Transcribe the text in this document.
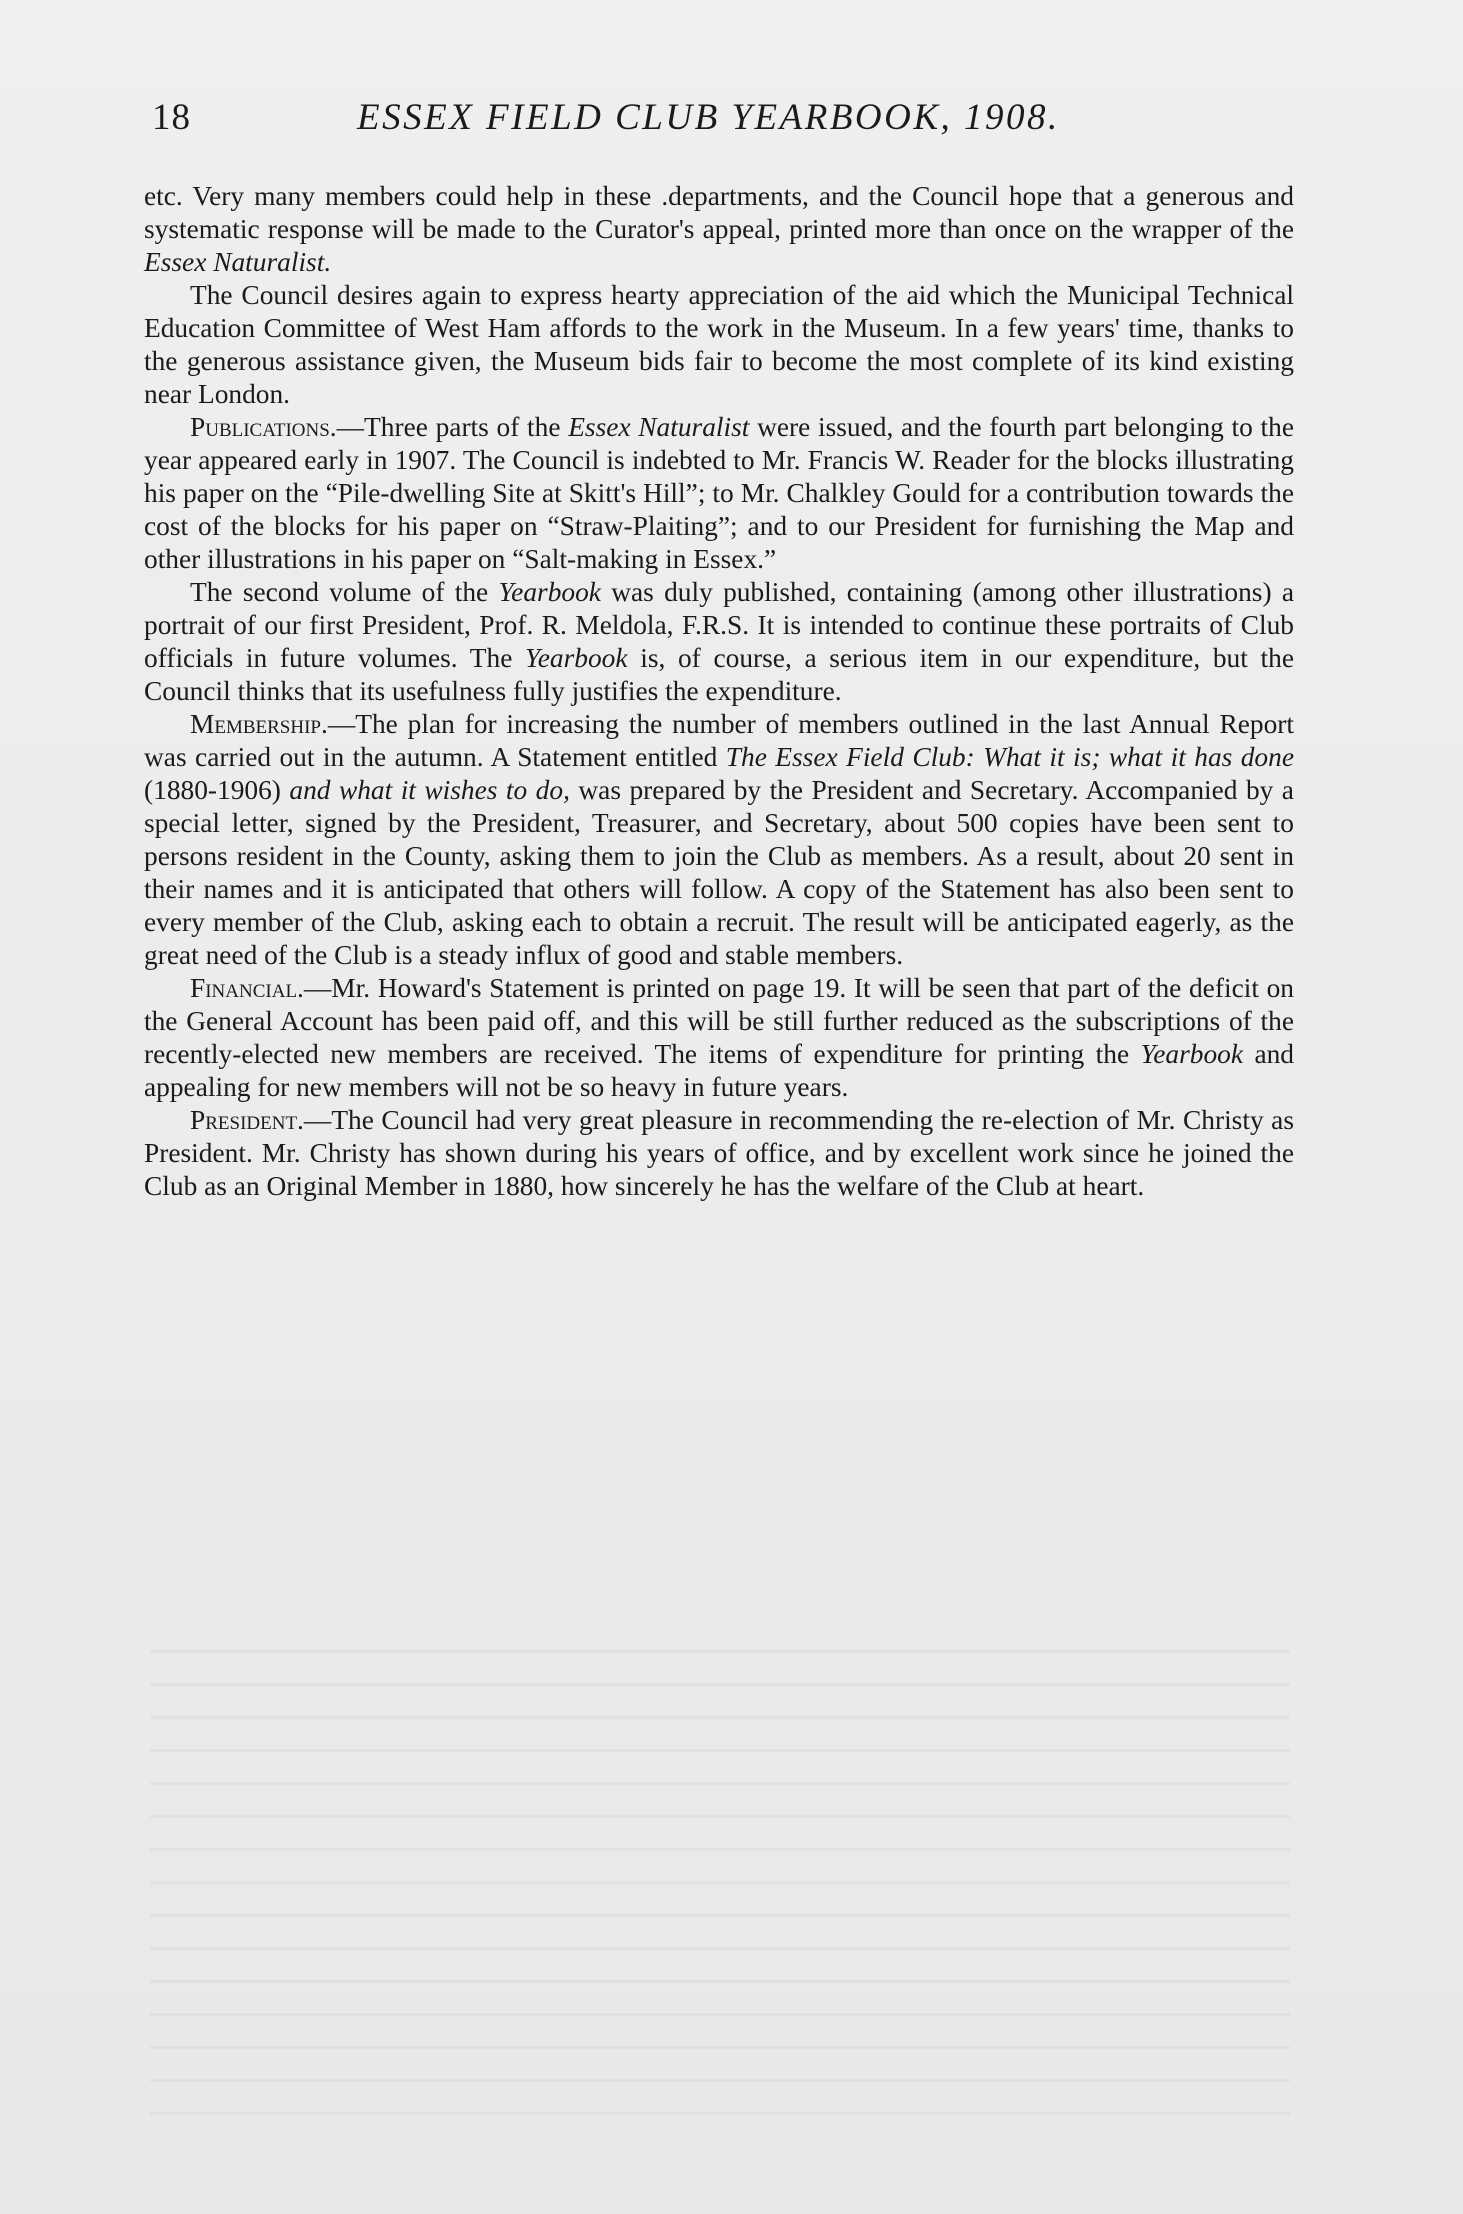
18	ESSEX FIELD CLUB YEARBOOK, 1908.

etc. Very many members could help in these .departments, and the Council hope that a generous and systematic response will be made to the Curator's appeal, printed more than once on the wrapper of the Essex Naturalist.

The Council desires again to express hearty appreciation of the aid which the Municipal Technical Education Committee of West Ham affords to the work in the Museum. In a few years' time, thanks to the generous assistance given, the Museum bids fair to become the most complete of its kind existing near London.

Publications.—Three parts of the Essex Naturalist were issued, and the fourth part belonging to the year appeared early in 1907. The Council is indebted to Mr. Francis W. Reader for the blocks illustrating his paper on the “Pile-dwelling Site at Skitt's Hill”; to Mr. Chalkley Gould for a contribution towards the cost of the blocks for his paper on “Straw-Plaiting”; and to our President for furnishing the Map and other illustrations in his paper on “Salt-making in Essex.”

The second volume of the Yearbook was duly published, containing (among other illustrations) a portrait of our first President, Prof. R. Meldola, F.R.S. It is intended to continue these portraits of Club officials in future volumes. The Yearbook is, of course, a serious item in our expenditure, but the Council thinks that its usefulness fully justifies the expenditure.

Membership.—The plan for increasing the number of members outlined in the last Annual Report was carried out in the autumn. A Statement entitled The Essex Field Club: What it is; what it has done (1880-1906) and what it wishes to do, was prepared by the President and Secretary. Accompanied by a special letter, signed by the President, Treasurer, and Secretary, about 500 copies have been sent to persons resident in the County, asking them to join the Club as members. As a result, about 20 sent in their names and it is anticipated that others will follow. A copy of the Statement has also been sent to every member of the Club, asking each to obtain a recruit. The result will be anticipated eagerly, as the great need of the Club is a steady influx of good and stable members.

Financial.—Mr. Howard's Statement is printed on page 19. It will be seen that part of the deficit on the General Account has been paid off, and this will be still further reduced as the subscriptions of the recently-elected new members are received. The items of expenditure for printing the Yearbook and appealing for new members will not be so heavy in future years.

President.—The Council had very great pleasure in recommending the re-election of Mr. Christy as President. Mr. Christy has shown during his years of office, and by excellent work since he joined the Club as an Original Member in 1880, how sincerely he has the welfare of the Club at heart.
